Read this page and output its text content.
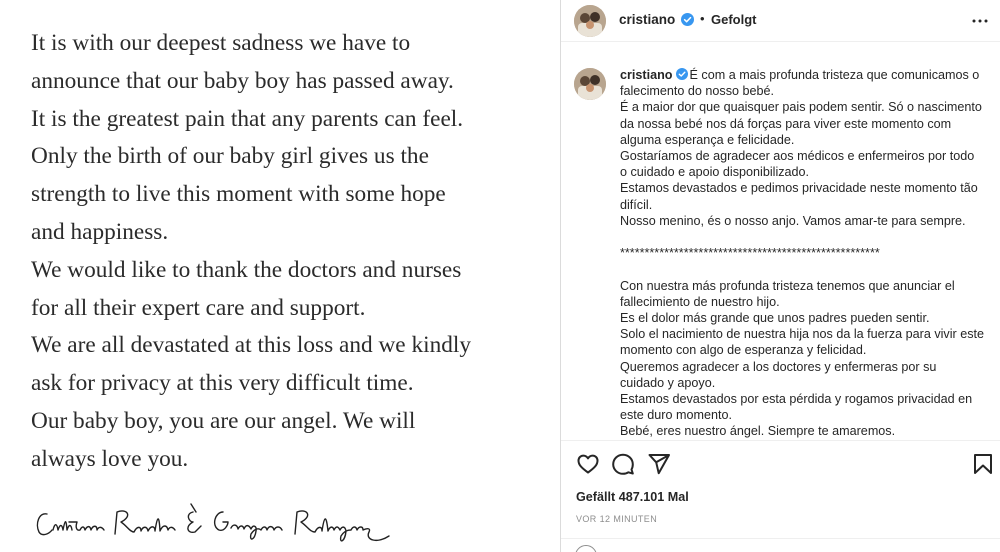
It is with our deepest sadness we have to

announce that our baby boy has passed away.

It is the greatest pain that any parents can feel.

Only the birth of our baby girl gives us the

strength to live this moment with some hope

and happiness.

We would like to thank the doctors and nurses

for all their expert care and support.

We are all devastated at this loss and we kindly

ask for privacy at this very difficult time.

Our baby boy, you are our angel. We will

always love you.

cristiano • Gefolgt
cristiano É com a mais profunda tristeza que comunicamos o
falecimento do nosso bebé.
É a maior dor que quaisquer pais podem sentir. Só o nascimento
da nossa bebé nos dá forças para viver este momento com
alguma esperança e felicidade.
Gostaríamos de agradecer aos médicos e enfermeiros por todo
o cuidado e apoio disponibilizado.
Estamos devastados e pedimos privacidade neste momento tão
difícil.
Nosso menino, és o nosso anjo. Vamos amar-te para sempre.
*****************************************************
Con nuestra más profunda tristeza tenemos que anunciar el
fallecimiento de nuestro hijo.
Es el dolor más grande que unos padres pueden sentir.
Solo el nacimiento de nuestra hija nos da la fuerza para vivir este
momento con algo de esperanza y felicidad.
Queremos agradecer a los doctores y enfermeras por su
cuidado y apoyo.
Estamos devastados por esta pérdida y rogamos privacidad en
este duro momento.
Bebé, eres nuestro ángel. Siempre te amaremos.
Gefällt 487.101 Mal
VOR 12 MINUTEN
